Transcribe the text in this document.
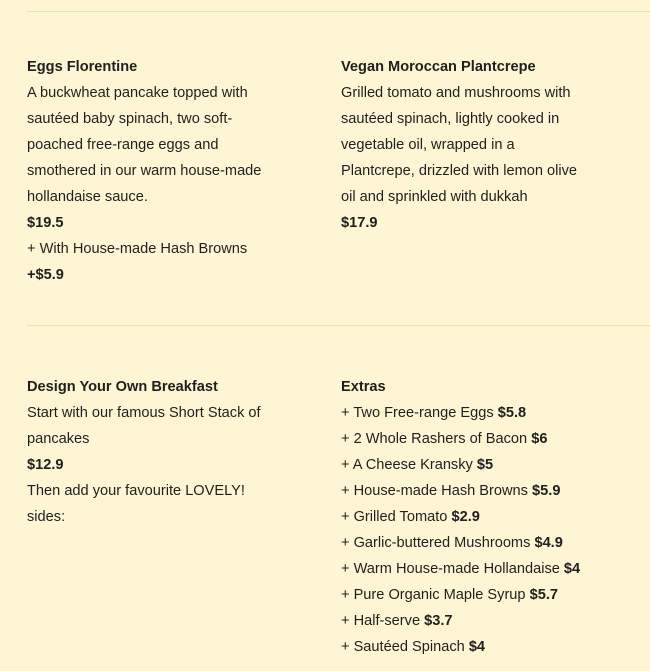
Eggs Florentine
A buckwheat pancake topped with
sautéed baby spinach, two soft-
poached free-range eggs and
smothered in our warm house-made
hollandaise sauce.
$19.5
+ With House-made Hash Browns
+$5.9
Vegan Moroccan Plantcrepe
Grilled tomato and mushrooms with
sautéed spinach, lightly cooked in
vegetable oil, wrapped in a
Plantcrepe, drizzled with lemon olive
oil and sprinkled with dukkah
$17.9
Design Your Own Breakfast
Start with our famous Short Stack of
pancakes
$12.9
Then add your favourite LOVELY!
sides:
Extras
+ Two Free-range Eggs $5.8
+ 2 Whole Rashers of Bacon $6
+ A Cheese Kransky $5
+ House-made Hash Browns $5.9
+ Grilled Tomato $2.9
+ Garlic-buttered Mushrooms $4.9
+ Warm House-made Hollandaise $4
+ Pure Organic Maple Syrup $5.7
+ Half-serve $3.7
+ Sautéed Spinach $4
